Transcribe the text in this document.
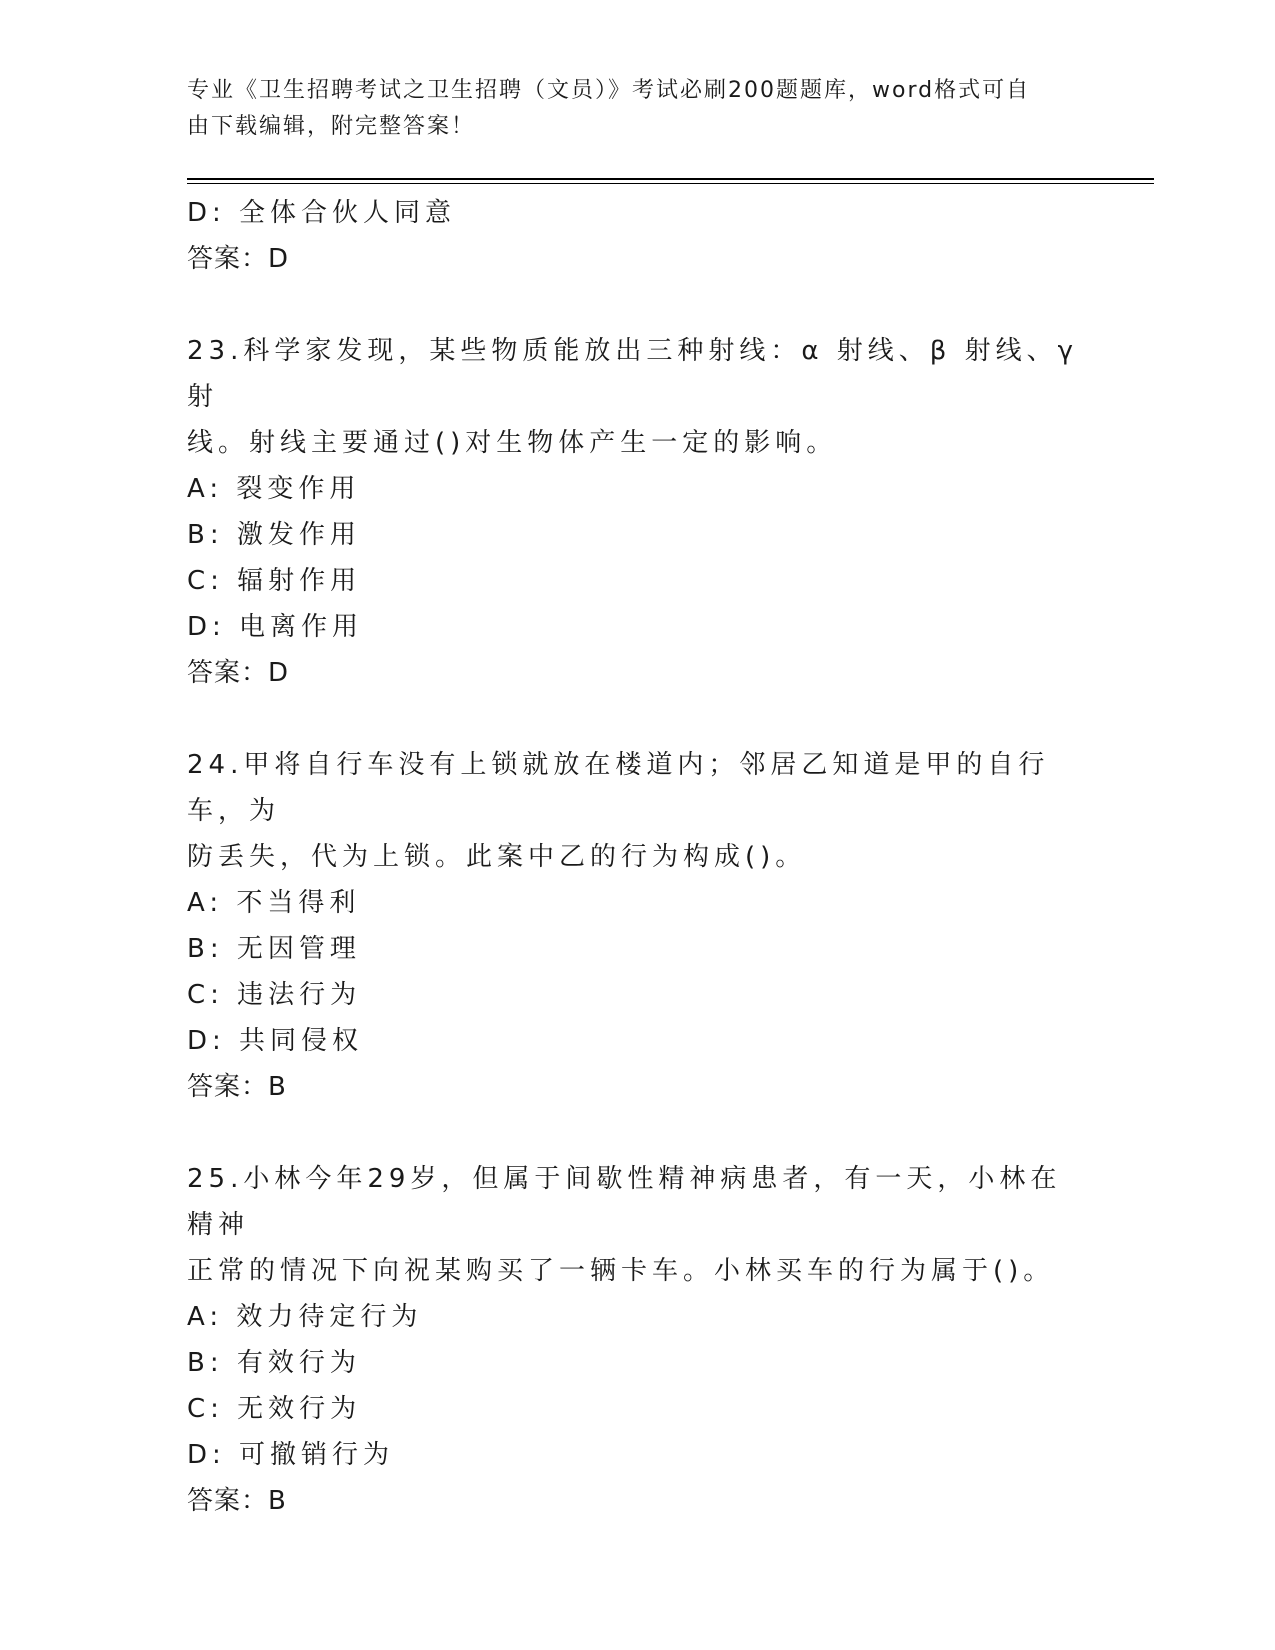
专业《卫生招聘考试之卫生招聘（文员）》考试必刷200题题库，word格式可自
由下载编辑，附完整答案！
D: 全体合伙人同意
答案：D
23.科学家发现，某些物质能放出三种射线：α 射线、β 射线、γ 射
线。射线主要通过()对生物体产生一定的影响。
A: 裂变作用
B: 激发作用
C: 辐射作用
D: 电离作用
答案：D
24.甲将自行车没有上锁就放在楼道内；邻居乙知道是甲的自行车，为
防丢失，代为上锁。此案中乙的行为构成()。
A: 不当得利
B: 无因管理
C: 违法行为
D: 共同侵权
答案：B
25.小林今年29岁，但属于间歇性精神病患者，有一天，小林在精神
正常的情况下向祝某购买了一辆卡车。小林买车的行为属于()。
A: 效力待定行为
B: 有效行为
C: 无效行为
D: 可撤销行为
答案：B
